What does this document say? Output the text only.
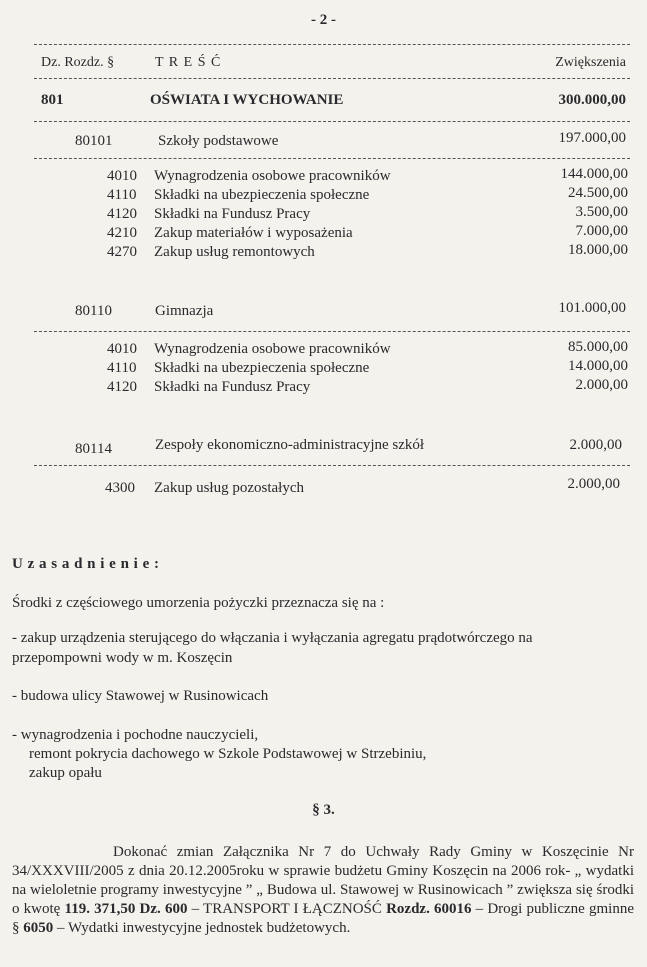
- 2 -
Dz. Rozdz. §	T R E Ś Ć	Zwiększenia
801	OŚWIATA I WYCHOWANIE	300.000,00
80101	Szkoły podstawowe	197.000,00
4010 Wynagrodzenia osobowe pracowników	144.000,00
4110 Składki na ubezpieczenia społeczne	24.500,00
4120 Składki na Fundusz Pracy	3.500,00
4210 Zakup materiałów i wyposażenia	7.000,00
4270 Zakup usług remontowych	18.000,00
80110	Gimnazja	101.000,00
4010 Wynagrodzenia osobowe pracowników	85.000,00
4110 Składki na ubezpieczenia społeczne	14.000,00
4120 Składki na Fundusz Pracy	2.000,00
80114	Zespoły ekonomiczno-administracyjne szkół	2.000,00
4300 Zakup usług pozostałych	2.000,00
U z a s a d n i e n i e :
Środki z częściowego umorzenia pożyczki przeznacza się na :
- zakup urządzenia sterującego do włączania i wyłączania agregatu prądotwórczego na
przepompowni wody w m. Koszęcin
- budowa ulicy Stawowej w Rusinowicach
- wynagrodzenia i pochodne nauczycieli,
remont pokrycia dachowego w Szkole Podstawowej w Strzebiniu,
zakup opału
§ 3.
Dokonać zmian Załącznika Nr 7 do Uchwały Rady Gminy w Koszęcinie Nr 34/XXXVIII/2005 z dnia 20.12.2005roku w sprawie budżetu Gminy Koszęcin na 2006 rok- „ wydatki na wieloletnie programy inwestycyjne ” „ Budowa ul. Stawowej w Rusinowicach ” zwiększa się środki o kwotę 119. 371,50 Dz. 600 – TRANSPORT I ŁĄCZNOŚĆ Rozdz. 60016 – Drogi publiczne gminne § 6050 – Wydatki inwestycyjne jednostek budżetowych.
